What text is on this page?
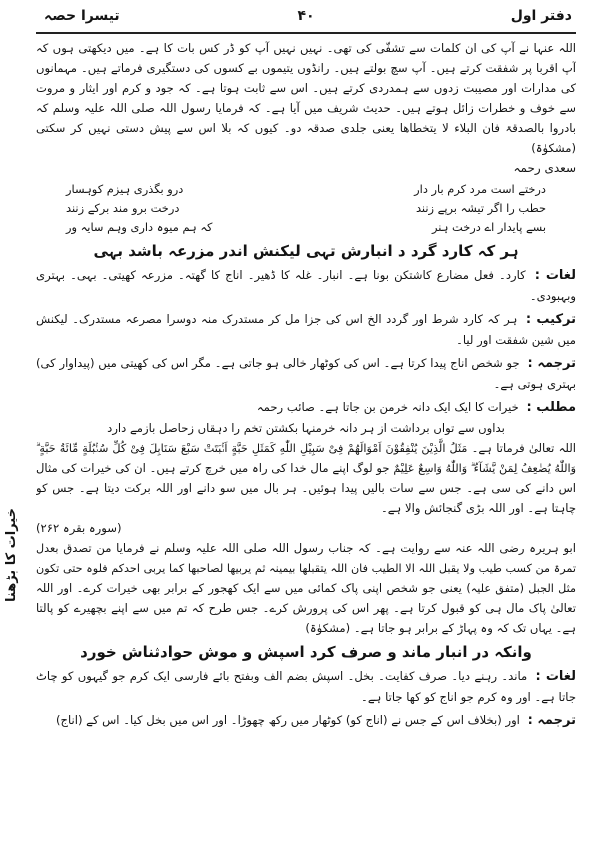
دفتر اول
۴۰
تیسرا حصہ
خیرات کا بڑھنا

اللہ عنہا نے آپ کی ان کلمات سے تشفّی کی تھی۔ نہیں نہیں آپ کو ڈر کس بات کا ہے۔ میں دیکھتی ہوں کہ آپ اقربا پر شفقت کرتے ہیں۔ آپ سچ بولتے ہیں۔ رانڈوں یتیموں بے کسوں کی دستگیری فرماتے ہیں۔ مہمانوں کی مدارات اور مصیبت زدوں سے ہمدردی کرتے ہیں۔ اس سے ثابت ہوتا ہے۔ کہ جود و کرم اور ایثار و مروت سے خوف و خطرات زائل ہوتے ہیں۔ حدیث شریف میں آیا ہے۔ کہ فرمایا رسول اللہ صلی اللہ علیہ وسلم کہ بادروا بالصدقۃ فان البلاء لا یتخطاھا یعنی جلدی صدقہ دو۔ کیوں کہ بلا اس سے پیش دستی نہیں کر سکتی (مشکوٰۃ)

سعدی رحمہ

درختے است مرد کرم بار دار
درو بگذری ہیزم کوہسار
حطب را اگر تیشہ برپے زنند
درخت برو مند برکے زنند
بسے پایدار اے درخت ہنر
کہ ہم میوہ داری وہم سایہ ور

ہر کہ کارد گرد د انبارش تہی لیکنش اندر مزرعہ باشد بہی

لغات : کارد۔ فعل مضارع کاشتکن بونا ہے۔ انبار۔ غلہ کا ڈھیر۔ اناج کا گھتہ۔ مزرعہ کھیتی۔ بہی۔ بہتری وبہبودی۔

ترکیب : ہر کہ کارد شرط اور گردد الخ اس کی جزا مل کر مستدرک منہ دوسرا مصرعہ مستدرک۔ لیکنش میں شین شفقت اور لیا۔

ترجمہ : جو شخص اناج پیدا کرتا ہے۔ اس کی کوٹھار خالی ہو جاتی ہے۔ مگر اس کی کھیتی میں (پیداوار کی) بہتری ہوتی ہے۔

مطلب : خیرات کا ایک ایک دانہ خرمن بن جاتا ہے۔ صائب رحمہ

بداوں سے تواں برداشت از ہر دانہ خرمنہا بکشتن تخم را دہقاں زحاصل بازمے دارد

اللہ تعالیٰ فرماتا ہے۔ مَثَلُ الَّذِيْنَ يُنْفِقُوْنَ اَمْوَالَهُمْ فِىْ سَبِيْلِ اللّٰهِ كَمَثَلِ حَبَّةٍ اَنْۢبَتَتْ سَبْعَ سَنَابِلَ فِىْ كُلِّ سُنْۢبُلَةٍ مِّائَةُ حَبَّةٍ ۗ وَاللّٰهُ يُضٰعِفُ لِمَنْ يَّشَآءُ ۗ وَاللّٰهُ وَاسِعٌ عَلِيْمٌ جو لوگ اپنے مال خدا کی راہ میں خرچ کرتے ہیں۔ ان کی خیرات کی مثال اس دانے کی سی ہے۔ جس سے سات بالیں پیدا ہوئیں۔ ہر بال میں سو دانے اور اللہ برکت دیتا ہے۔ جس کو چاہتا ہے۔ اور اللہ بڑی گنجائش والا ہے۔

(سورہ بقرہ ۲۶۲)

ابو ہریرہ رضی اللہ عنہ سے روایت ہے۔ کہ جناب رسول اللہ صلی اللہ علیہ وسلم نے فرمایا من تصدق بعدل تمرۃ من کسب طیب ولا یقبل اللہ الا الطیب فان اللہ یتقبلھا بیمینہ ثم یربیھا لصاحبھا کما یربی احدکم فلوہ حتی تکون مثل الجبل (متفق علیہ) یعنی جو شخص اپنی پاک کمائی میں سے ایک کھجور کے برابر بھی خیرات کرے۔ اور اللہ تعالیٰ پاک مال ہی کو قبول کرتا ہے۔ پھر اس کی پرورش کرے۔ جس طرح کہ تم میں سے اپنے بچھیرے کو پالتا ہے۔ یہاں تک کہ وہ پہاڑ کے برابر ہو جاتا ہے۔ (مشکوٰۃ)

وانکہ در انبار ماند و صرف کرد اسپش و موش حوادثناش خورد

لغات : ماند۔ رہنے دیا۔ صرف کفایت۔ بخل۔ اسپش بضم الف وبفتح بائے فارسی ایک کرم جو گیہوں کو چاٹ جاتا ہے۔ اور وہ کرم جو اناج کو کھا جاتا ہے۔

ترجمہ : اور (بخلاف اس کے جس نے (اناج کو) کوٹھار میں رکھ چھوڑا۔ اور اس میں بخل کیا۔ اس کے (اناج)
